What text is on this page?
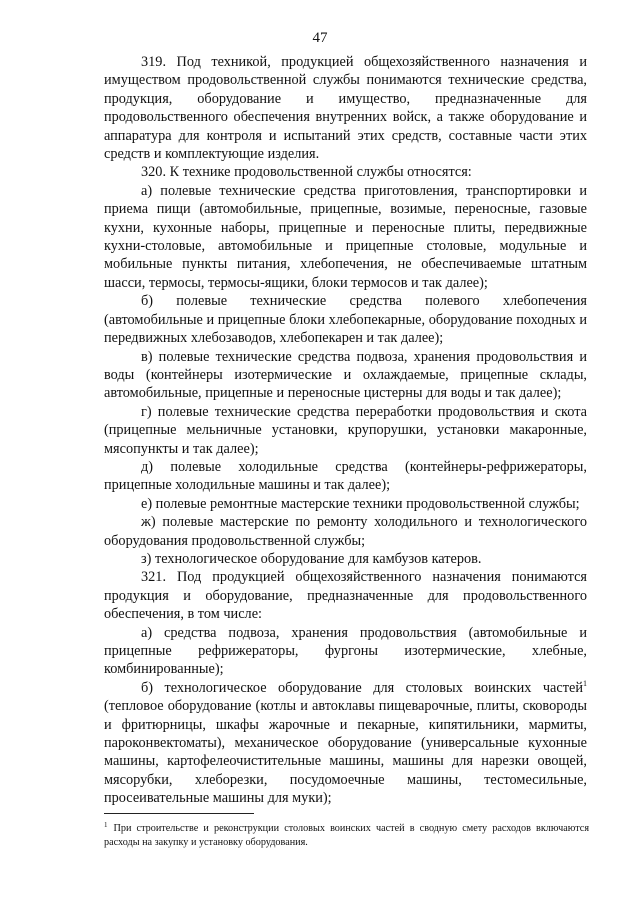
47

319. Под техникой, продукцией общехозяйственного назначения и имуществом продовольственной службы понимаются технические средства, продукция, оборудование и имущество, предназначенные для продовольственного обеспечения внутренних войск, а также оборудование и аппаратура для контроля и испытаний этих средств, составные части этих средств и комплектующие изделия.

320. К технике продовольственной службы относятся:

а) полевые технические средства приготовления, транспортировки и приема пищи (автомобильные, прицепные, возимые, переносные, газовые кухни, кухонные наборы, прицепные и переносные плиты, передвижные кухни-столовые, автомобильные и прицепные столовые, модульные и мобильные пункты питания, хлебопечения, не обеспечиваемые штатным шасси, термосы, термосы-ящики, блоки термосов и так далее);

б) полевые технические средства полевого хлебопечения (автомобильные и прицепные блоки хлебопекарные, оборудование походных и передвижных хлебозаводов, хлебопекарен и так далее);

в) полевые технические средства подвоза, хранения продовольствия и воды (контейнеры изотермические и охлаждаемые, прицепные склады, автомобильные, прицепные и переносные цистерны для воды и так далее);

г) полевые технические средства переработки продовольствия и скота (прицепные мельничные установки, крупорушки, установки макаронные, мясопункты и так далее);

д) полевые холодильные средства (контейнеры-рефрижераторы, прицепные холодильные машины и так далее);

е) полевые ремонтные мастерские техники продовольственной службы;

ж) полевые мастерские по ремонту холодильного и технологического оборудования продовольственной службы;

з) технологическое оборудование для камбузов катеров.

321. Под продукцией общехозяйственного назначения понимаются продукция и оборудование, предназначенные для продовольственного обеспечения, в том числе:

а) средства подвоза, хранения продовольствия (автомобильные и прицепные рефрижераторы, фургоны изотермические, хлебные, комбинированные);

б) технологическое оборудование для столовых воинских частей$^1$ (тепловое оборудование (котлы и автоклавы пищеварочные, плиты, сковороды и фритюрницы, шкафы жарочные и пекарные, кипятильники, мармиты, пароконвектоматы), механическое оборудование (универсальные кухонные машины, картофелеочистительные машины, машины для нарезки овощей, мясорубки, хлеборезки, посудомоечные машины, тестомесильные, просеивательные машины для муки);

$^1$ При строительстве и реконструкции столовых воинских частей в сводную смету расходов включаются расходы на закупку и установку оборудования.
